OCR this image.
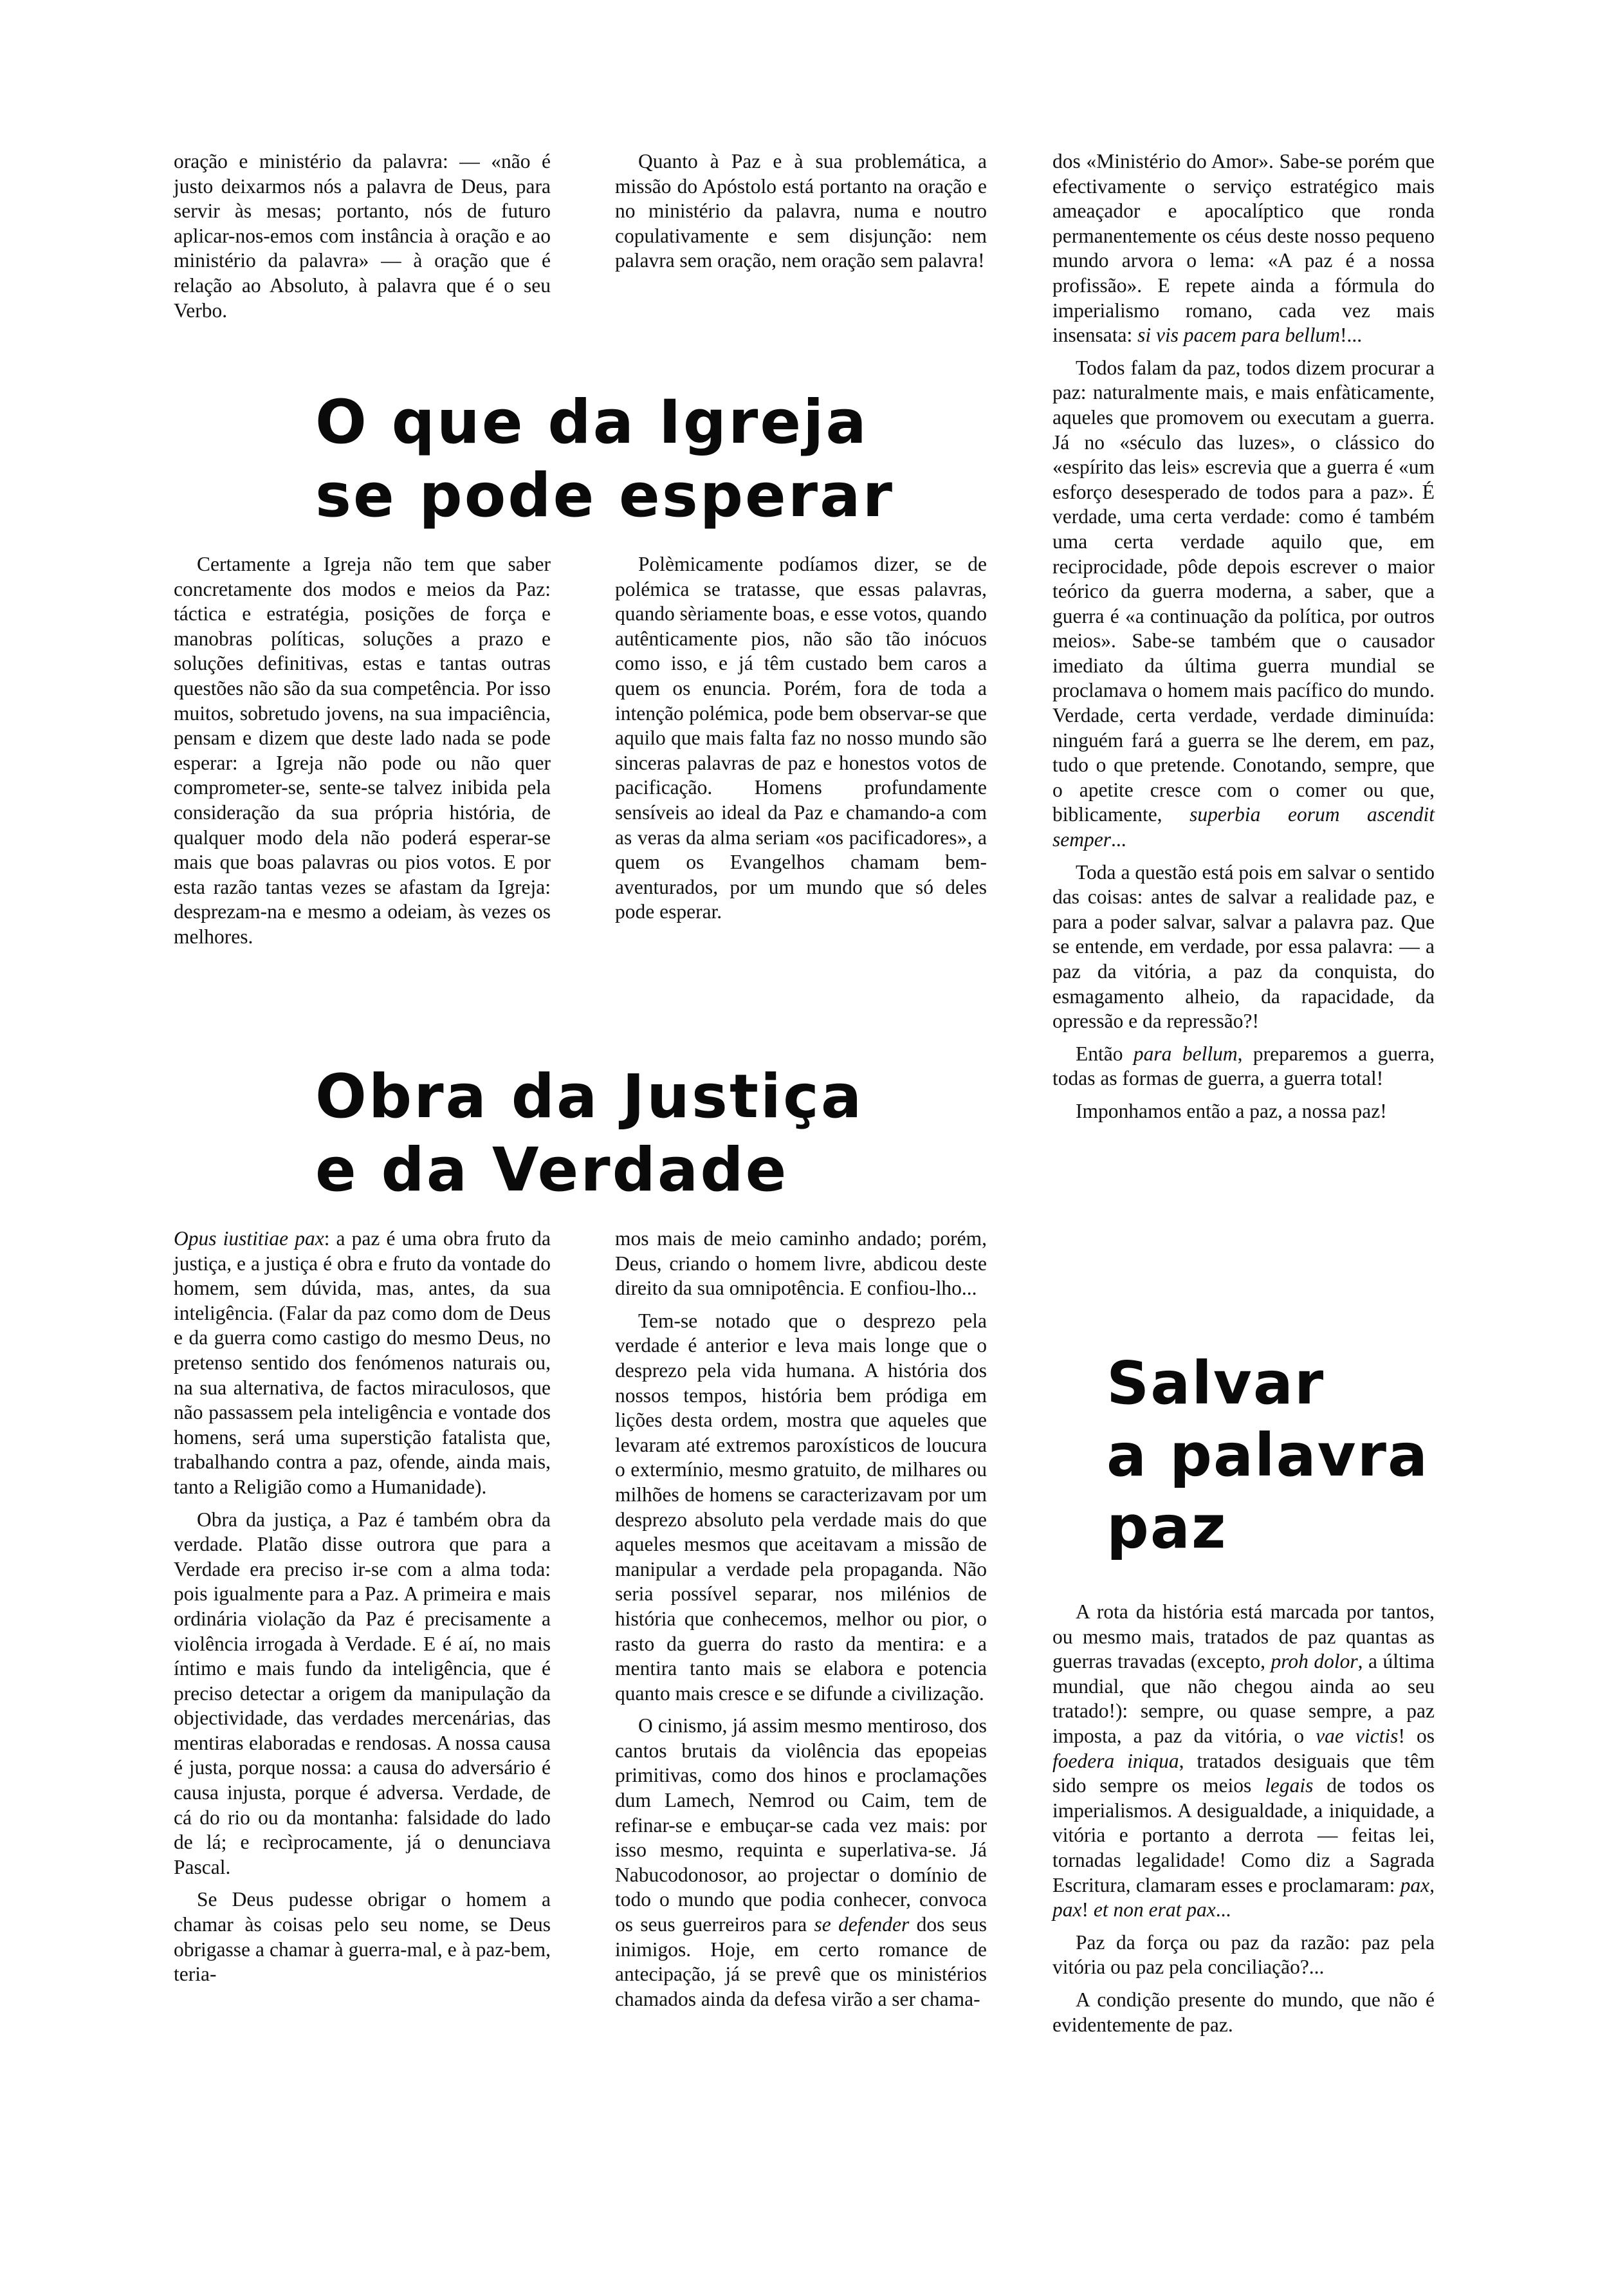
oração e ministério da palavra: — «não é justo deixarmos nós a palavra de Deus, para servir às mesas; portanto, nós de futuro aplicar-nos-emos com instância à oração e ao ministério da palavra» — à oração que é relação ao Absoluto, à palavra que é o seu Verbo.

Quanto à Paz e à sua problemática, a missão do Apóstolo está portanto na oração e no ministério da palavra, numa e noutro copulativamente e sem disjunção: nem palavra sem oração, nem oração sem palavra!

O que da Igreja
se pode esperar

Certamente a Igreja não tem que saber concretamente dos modos e meios da Paz: táctica e estratégia, posições de força e manobras políticas, soluções a prazo e soluções definitivas, estas e tantas outras questões não são da sua competência. Por isso muitos, sobretudo jovens, na sua impaciência, pensam e dizem que deste lado nada se pode esperar: a Igreja não pode ou não quer comprometer-se, sente-se talvez inibida pela consideração da sua própria história, de qualquer modo dela não poderá esperar-se mais que boas palavras ou pios votos. E por esta razão tantas vezes se afastam da Igreja: desprezam-na e mesmo a odeiam, às vezes os melhores.

Polèmicamente podíamos dizer, se de polémica se tratasse, que essas palavras, quando sèriamente boas, e esse votos, quando autênticamente pios, não são tão inócuos como isso, e já têm custado bem caros a quem os enuncia. Porém, fora de toda a intenção polémica, pode bem observar-se que aquilo que mais falta faz no nosso mundo são sinceras palavras de paz e honestos votos de pacificação. Homens profundamente sensíveis ao ideal da Paz e chamando-a com as veras da alma seriam «os pacificadores», a quem os Evangelhos chamam bem-aventurados, por um mundo que só deles pode esperar.

Obra da Justiça
e da Verdade

Opus iustitiae pax: a paz é uma obra fruto da justiça, e a justiça é obra e fruto da vontade do homem, sem dúvida, mas, antes, da sua inteligência. (Falar da paz como dom de Deus e da guerra como castigo do mesmo Deus, no pretenso sentido dos fenómenos naturais ou, na sua alternativa, de factos miraculosos, que não passassem pela inteligência e vontade dos homens, será uma superstição fatalista que, trabalhando contra a paz, ofende, ainda mais, tanto a Religião como a Humanidade).

Obra da justiça, a Paz é também obra da verdade. Platão disse outrora que para a Verdade era preciso ir-se com a alma toda: pois igualmente para a Paz. A primeira e mais ordinária violação da Paz é precisamente a violência irrogada à Verdade. E é aí, no mais íntimo e mais fundo da inteligência, que é preciso detectar a origem da manipulação da objectividade, das verdades mercenárias, das mentiras elaboradas e rendosas. A nossa causa é justa, porque nossa: a causa do adversário é causa injusta, porque é adversa. Verdade, de cá do rio ou da montanha: falsidade do lado de lá; e recìprocamente, já o denunciava Pascal.

Se Deus pudesse obrigar o homem a chamar às coisas pelo seu nome, se Deus obrigasse a chamar à guerra-mal, e à paz-bem, teria-

mos mais de meio caminho andado; porém, Deus, criando o homem livre, abdicou deste direito da sua omnipotência. E confiou-lho...

Tem-se notado que o desprezo pela verdade é anterior e leva mais longe que o desprezo pela vida humana. A história dos nossos tempos, história bem pródiga em lições desta ordem, mostra que aqueles que levaram até extremos paroxísticos de loucura o extermínio, mesmo gratuito, de milhares ou milhões de homens se caracterizavam por um desprezo absoluto pela verdade mais do que aqueles mesmos que aceitavam a missão de manipular a verdade pela propaganda. Não seria possível separar, nos milénios de história que conhecemos, melhor ou pior, o rasto da guerra do rasto da mentira: e a mentira tanto mais se elabora e potencia quanto mais cresce e se difunde a civilização.

O cinismo, já assim mesmo mentiroso, dos cantos brutais da violência das epopeias primitivas, como dos hinos e proclamações dum Lamech, Nemrod ou Caim, tem de refinar-se e embuçar-se cada vez mais: por isso mesmo, requinta e superlativa-se. Já Nabucodonosor, ao projectar o domínio de todo o mundo que podia conhecer, convoca os seus guerreiros para se defender dos seus inimigos. Hoje, em certo romance de antecipação, já se prevê que os ministérios chamados ainda da defesa virão a ser chama-

dos «Ministério do Amor». Sabe-se porém que efectivamente o serviço estratégico mais ameaçador e apocalíptico que ronda permanentemente os céus deste nosso pequeno mundo arvora o lema: «A paz é a nossa profissão». E repete ainda a fórmula do imperialismo romano, cada vez mais insensata: si vis pacem para bellum!...

Todos falam da paz, todos dizem procurar a paz: naturalmente mais, e mais enfàticamente, aqueles que promovem ou executam a guerra. Já no «século das luzes», o clássico do «espírito das leis» escrevia que a guerra é «um esforço desesperado de todos para a paz». É verdade, uma certa verdade: como é também uma certa verdade aquilo que, em reciprocidade, pôde depois escrever o maior teórico da guerra moderna, a saber, que a guerra é «a continuação da política, por outros meios». Sabe-se também que o causador imediato da última guerra mundial se proclamava o homem mais pacífico do mundo. Verdade, certa verdade, verdade diminuída: ninguém fará a guerra se lhe derem, em paz, tudo o que pretende. Conotando, sempre, que o apetite cresce com o comer ou que, biblicamente, superbia eorum ascendit semper...

Toda a questão está pois em salvar o sentido das coisas: antes de salvar a realidade paz, e para a poder salvar, salvar a palavra paz. Que se entende, em verdade, por essa palavra: — a paz da vitória, a paz da conquista, do esmagamento alheio, da rapacidade, da opressão e da repressão?!

Então para bellum, preparemos a guerra, todas as formas de guerra, a guerra total!

Imponhamos então a paz, a nossa paz!

Salvar
a palavra
paz

A rota da história está marcada por tantos, ou mesmo mais, tratados de paz quantas as guerras travadas (excepto, proh dolor, a última mundial, que não chegou ainda ao seu tratado!): sempre, ou quase sempre, a paz imposta, a paz da vitória, o vae victis! os foedera iniqua, tratados desiguais que têm sido sempre os meios legais de todos os imperialismos. A desigualdade, a iniquidade, a vitória e portanto a derrota — feitas lei, tornadas legalidade! Como diz a Sagrada Escritura, clamaram esses e proclamaram: pax, pax! et non erat pax...

Paz da força ou paz da razão: paz pela vitória ou paz pela conciliação?...

A condição presente do mundo, que não é evidentemente de paz.
